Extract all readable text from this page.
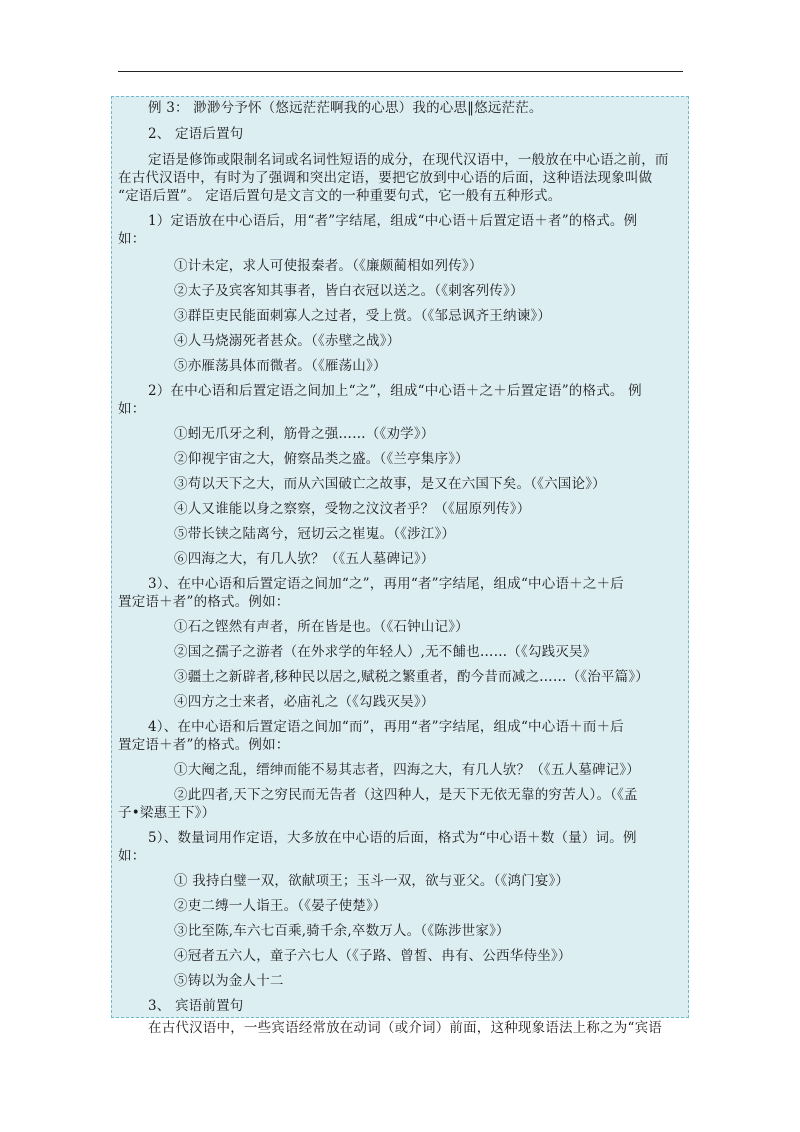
例 3： 渺渺兮予怀（悠远茫茫啊我的心思）我的心思‖悠远茫茫。
2、 定语后置句
定语是修饰或限制名词或名词性短语的成分，在现代汉语中，一般放在中心语之前，而
在古代汉语中，有时为了强调和突出定语，要把它放到中心语的后面，这种语法现象叫做
“定语后置”。 定语后置句是文言文的一种重要句式，它一般有五种形式。
1）定语放在中心语后，用“者”字结尾，组成“中心语＋后置定语＋者”的格式。例
如：
①计未定，求人可使报秦者。（《廉颇蔺相如列传》）
②太子及宾客知其事者，皆白衣冠以送之。（《刺客列传》）
③群臣吏民能面刺寡人之过者，受上赏。（《邹忌讽齐王纳谏》）
④人马烧溺死者甚众。（《赤壁之战》）
⑤亦雁荡具体而微者。（《雁荡山》）
2）在中心语和后置定语之间加上“之”，组成“中心语＋之＋后置定语”的格式。 例
如：
①蚓无爪牙之利，筋骨之强……（《劝学》）
②仰视宇宙之大，俯察品类之盛。（《兰亭集序》）
③苟以天下之大，而从六国破亡之故事，是又在六国下矣。（《六国论》）
④人又谁能以身之察察，受物之汶汶者乎？（《屈原列传》）
⑤带长铗之陆离兮，冠切云之崔嵬。（《涉江》）
⑥四海之大，有几人欤？（《五人墓碑记》）
3）、在中心语和后置定语之间加“之”，再用“者”字结尾，组成“中心语＋之＋后
置定语＋者”的格式。例如：
①石之铿然有声者，所在皆是也。（《石钟山记》）
②国之孺子之游者（在外求学的年轻人）,无不餔也……（《勾践灭吴》
③疆土之新辟者,移种民以居之,赋税之繁重者，酌今昔而减之……（《治平篇》）
④四方之士来者，必庙礼之（《勾践灭吴》）
4）、在中心语和后置定语之间加“而”，再用“者”字结尾，组成“中心语＋而＋后
置定语＋者”的格式。例如：
①大阉之乱，缙绅而能不易其志者，四海之大，有几人欤？（《五人墓碑记》）
②此四者,天下之穷民而无告者（这四种人，是天下无依无靠的穷苦人）。（《孟
子•梁惠王下》）
5）、数量词用作定语，大多放在中心语的后面，格式为“中心语＋数（量）词。例
如：
① 我持白璧一双，欲献项王；玉斗一双，欲与亚父。（《鸿门宴》）
②吏二缚一人诣王。（《晏子使楚》）
③比至陈,车六七百乘,骑千余,卒数万人。（《陈涉世家》）
④冠者五六人，童子六七人（《子路、曾皙、冉有、公西华侍坐》）
⑤铸以为金人十二
3、 宾语前置句
在古代汉语中，一些宾语经常放在动词（或介词）前面，这种现象语法上称之为“宾语
